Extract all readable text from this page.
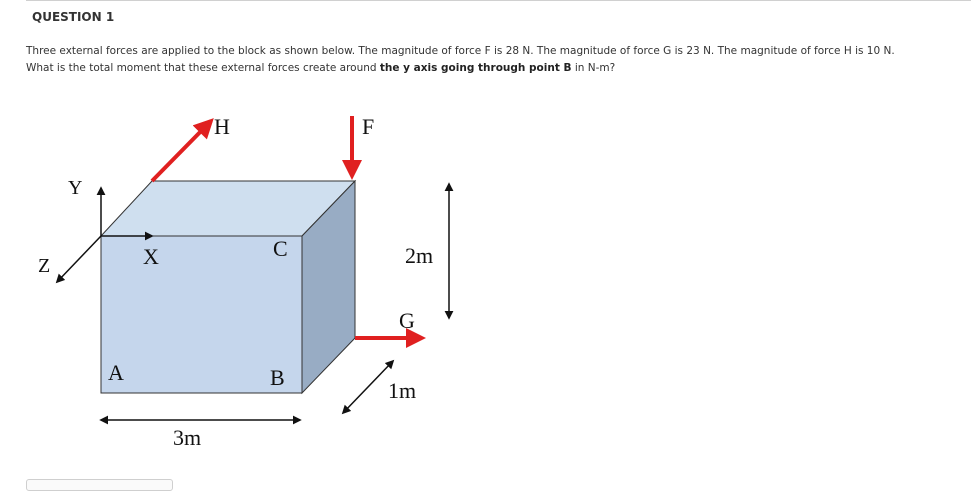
QUESTION 1
Three external forces are applied to the block as shown below. The magnitude of force F is 28 N. The magnitude of force G is 23 N. The magnitude of force H is 10 N.
What is the total moment that these external forces create around the y axis going through point B in N-m?
H	F
Y
Z	X	C
A	B
G
2m
1m
3m
